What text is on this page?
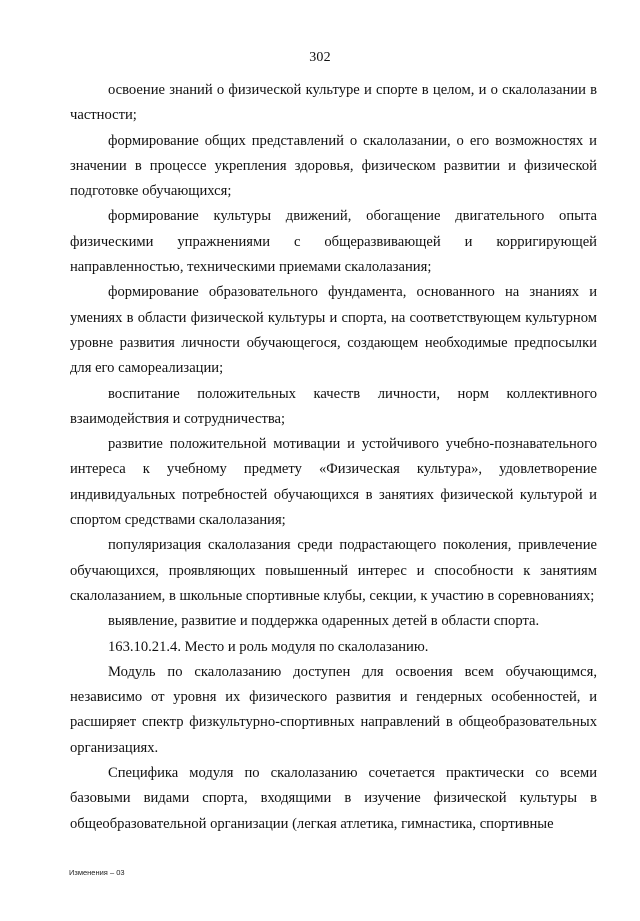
302

освоение знаний о физической культуре и спорте в целом, и о скалолазании в частности;

формирование общих представлений о скалолазании, о его возможностях и значении в процессе укрепления здоровья, физическом развитии и физической подготовке обучающихся;

формирование культуры движений, обогащение двигательного опыта физическими упражнениями с общеразвивающей и корригирующей направленностью, техническими приемами скалолазания;

формирование образовательного фундамента, основанного на знаниях и умениях в области физической культуры и спорта, на соответствующем культурном уровне развития личности обучающегося, создающем необходимые предпосылки для его самореализации;

воспитание положительных качеств личности, норм коллективного взаимодействия и сотрудничества;

развитие положительной мотивации и устойчивого учебно-познавательного интереса к учебному предмету «Физическая культура», удовлетворение индивидуальных потребностей обучающихся в занятиях физической культурой и спортом средствами скалолазания;

популяризация скалолазания среди подрастающего поколения, привлечение обучающихся, проявляющих повышенный интерес и способности к занятиям скалолазанием, в школьные спортивные клубы, секции, к участию в соревнованиях;

выявление, развитие и поддержка одаренных детей в области спорта.

163.10.21.4. Место и роль модуля по скалолазанию.

Модуль по скалолазанию доступен для освоения всем обучающимся, независимо от уровня их физического развития и гендерных особенностей, и расширяет спектр физкультурно-спортивных направлений в общеобразовательных организациях.

Специфика модуля по скалолазанию сочетается практически со всеми базовыми видами спорта, входящими в изучение физической культуры в общеобразовательной организации (легкая атлетика, гимнастика, спортивные

Изменения – 03
